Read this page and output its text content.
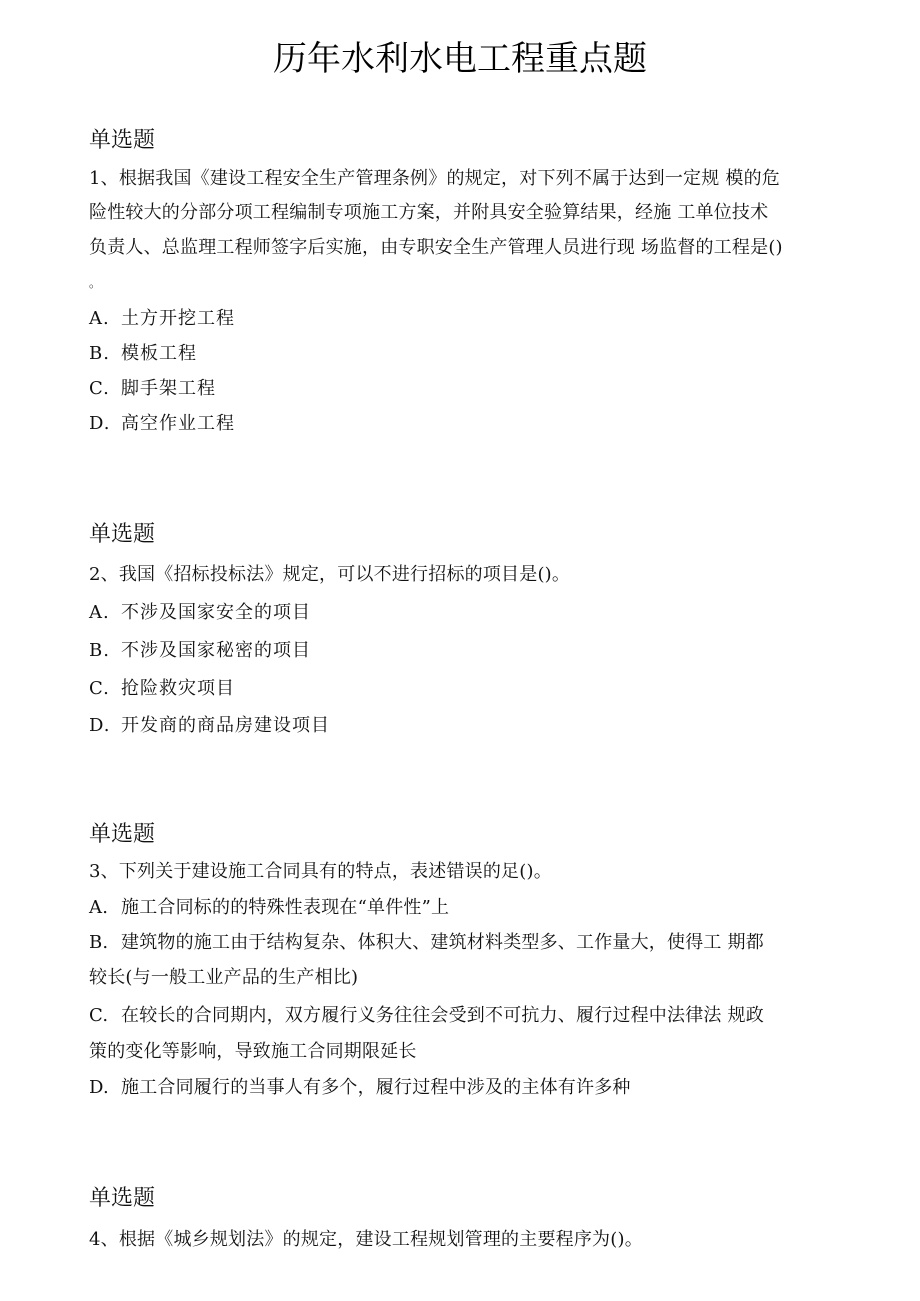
历年水利水电工程重点题
单选题
1、根据我国《建设工程安全生产管理条例》的规定，对下列不属于达到一定规 模的危
险性较大的分部分项工程编制专项施工方案，并附具安全验算结果，经施 工单位技术
负责人、总监理工程师签字后实施，由专职安全生产管理人员进行现 场监督的工程是()
。
A. 土方开挖工程
B. 模板工程
C. 脚手架工程
D. 高空作业工程
单选题
2、我国《招标投标法》规定，可以不进行招标的项目是()。
A. 不涉及国家安全的项目
B. 不涉及国家秘密的项目
C. 抢险救灾项目
D. 开发商的商品房建设项目
单选题
3、下列关于建设施工合同具有的特点，表述错误的足()。
A. 施工合同标的的特殊性表现在“单件性”上
B. 建筑物的施工由于结构复杂、体积大、建筑材料类型多、工作量大，使得工 期都
较长(与一般工业产品的生产相比)
C. 在较长的合同期内，双方履行义务往往会受到不可抗力、履行过程中法律法 规政
策的变化等影响，导致施工合同期限延长
D. 施工合同履行的当事人有多个，履行过程中涉及的主体有许多种
单选题
4、根据《城乡规划法》的规定，建设工程规划管理的主要程序为()。
